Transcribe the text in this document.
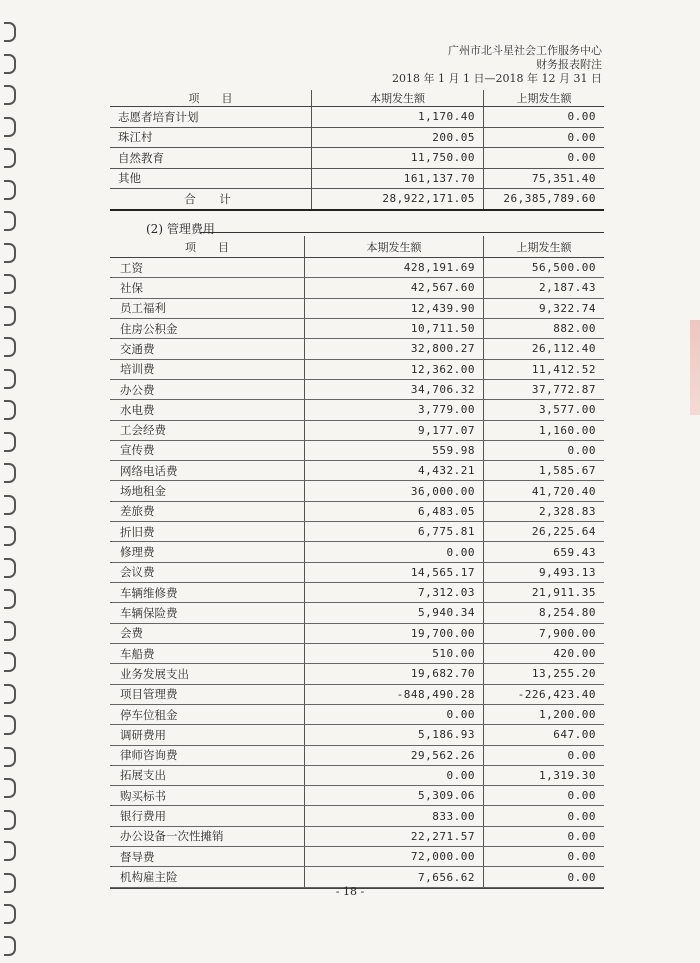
广州市北斗星社会工作服务中心
财务报表附注
2018 年 1 月 1 日—2018 年 12 月 31 日
项　　目	本期发生额	上期发生额
志愿者培育计划	1,170.40	0.00
珠江村	200.05	0.00
自然教育	11,750.00	0.00
其他	161,137.70	75,351.40
合　计	28,922,171.05	26,385,789.60
(2) 管理费用
项　　目	本期发生额	上期发生额
工资	428,191.69	56,500.00
社保	42,567.60	2,187.43
员工福利	12,439.90	9,322.74
住房公积金	10,711.50	882.00
交通费	32,800.27	26,112.40
培训费	12,362.00	11,412.52
办公费	34,706.32	37,772.87
水电费	3,779.00	3,577.00
工会经费	9,177.07	1,160.00
宣传费	559.98	0.00
网络电话费	4,432.21	1,585.67
场地租金	36,000.00	41,720.40
差旅费	6,483.05	2,328.83
折旧费	6,775.81	26,225.64
修理费	0.00	659.43
会议费	14,565.17	9,493.13
车辆维修费	7,312.03	21,911.35
车辆保险费	5,940.34	8,254.80
会费	19,700.00	7,900.00
车船费	510.00	420.00
业务发展支出	19,682.70	13,255.20
项目管理费	-848,490.28	-226,423.40
停车位租金	0.00	1,200.00
调研费用	5,186.93	647.00
律师咨询费	29,562.26	0.00
拓展支出	0.00	1,319.30
购买标书	5,309.06	0.00
银行费用	833.00	0.00
办公设备一次性摊销	22,271.57	0.00
督导费	72,000.00	0.00
机构雇主险	7,656.62	0.00
- 18 -
